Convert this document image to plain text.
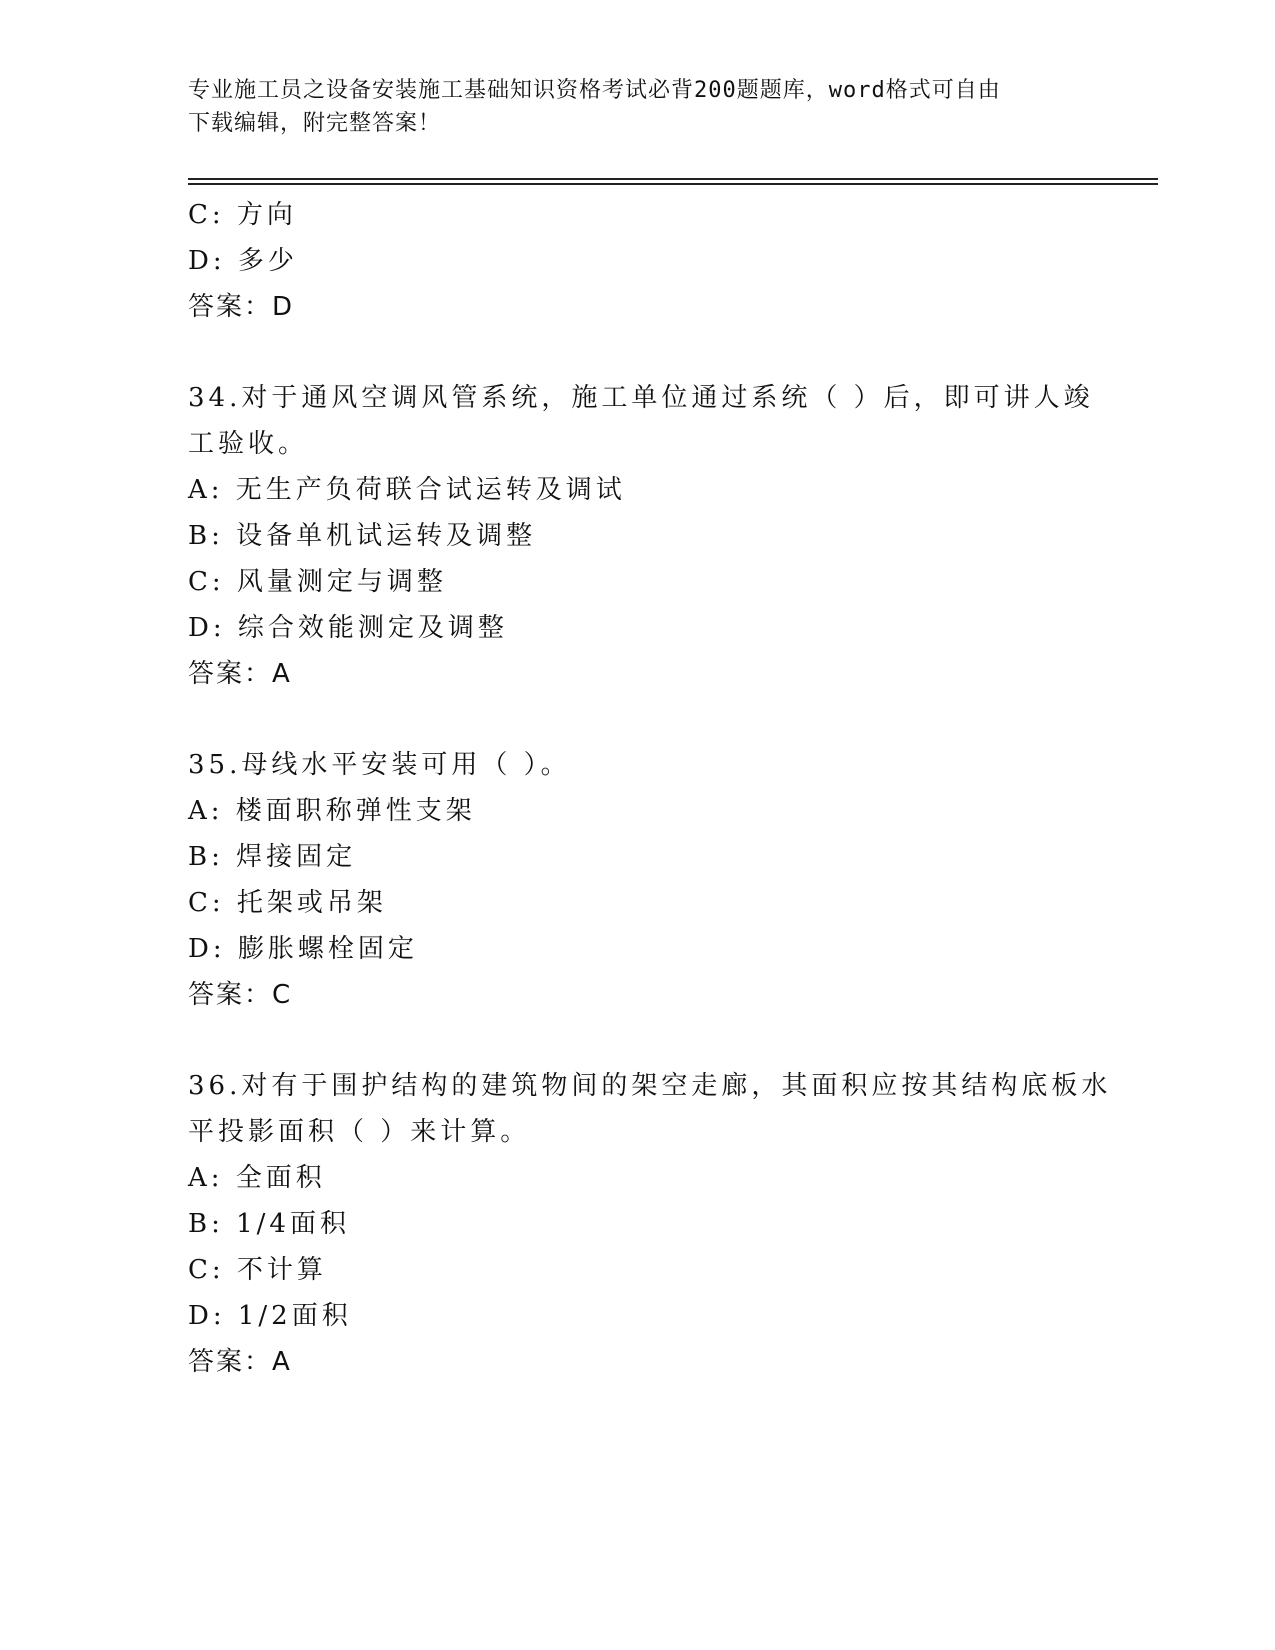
专业施工员之设备安装施工基础知识资格考试必背200题题库，word格式可自由
下载编辑，附完整答案！
C: 方向
D: 多少
答案：D
34.对于通风空调风管系统，施工单位通过系统（ ）后，即可讲人竣
工验收。
A: 无生产负荷联合试运转及调试
B: 设备单机试运转及调整
C: 风量测定与调整
D: 综合效能测定及调整
答案：A
35.母线水平安装可用（ ）。
A: 楼面职称弹性支架
B: 焊接固定
C: 托架或吊架
D: 膨胀螺栓固定
答案：C
36.对有于围护结构的建筑物间的架空走廊，其面积应按其结构底板水
平投影面积（ ）来计算。
A: 全面积
B: 1/4面积
C: 不计算
D: 1/2面积
答案：A
